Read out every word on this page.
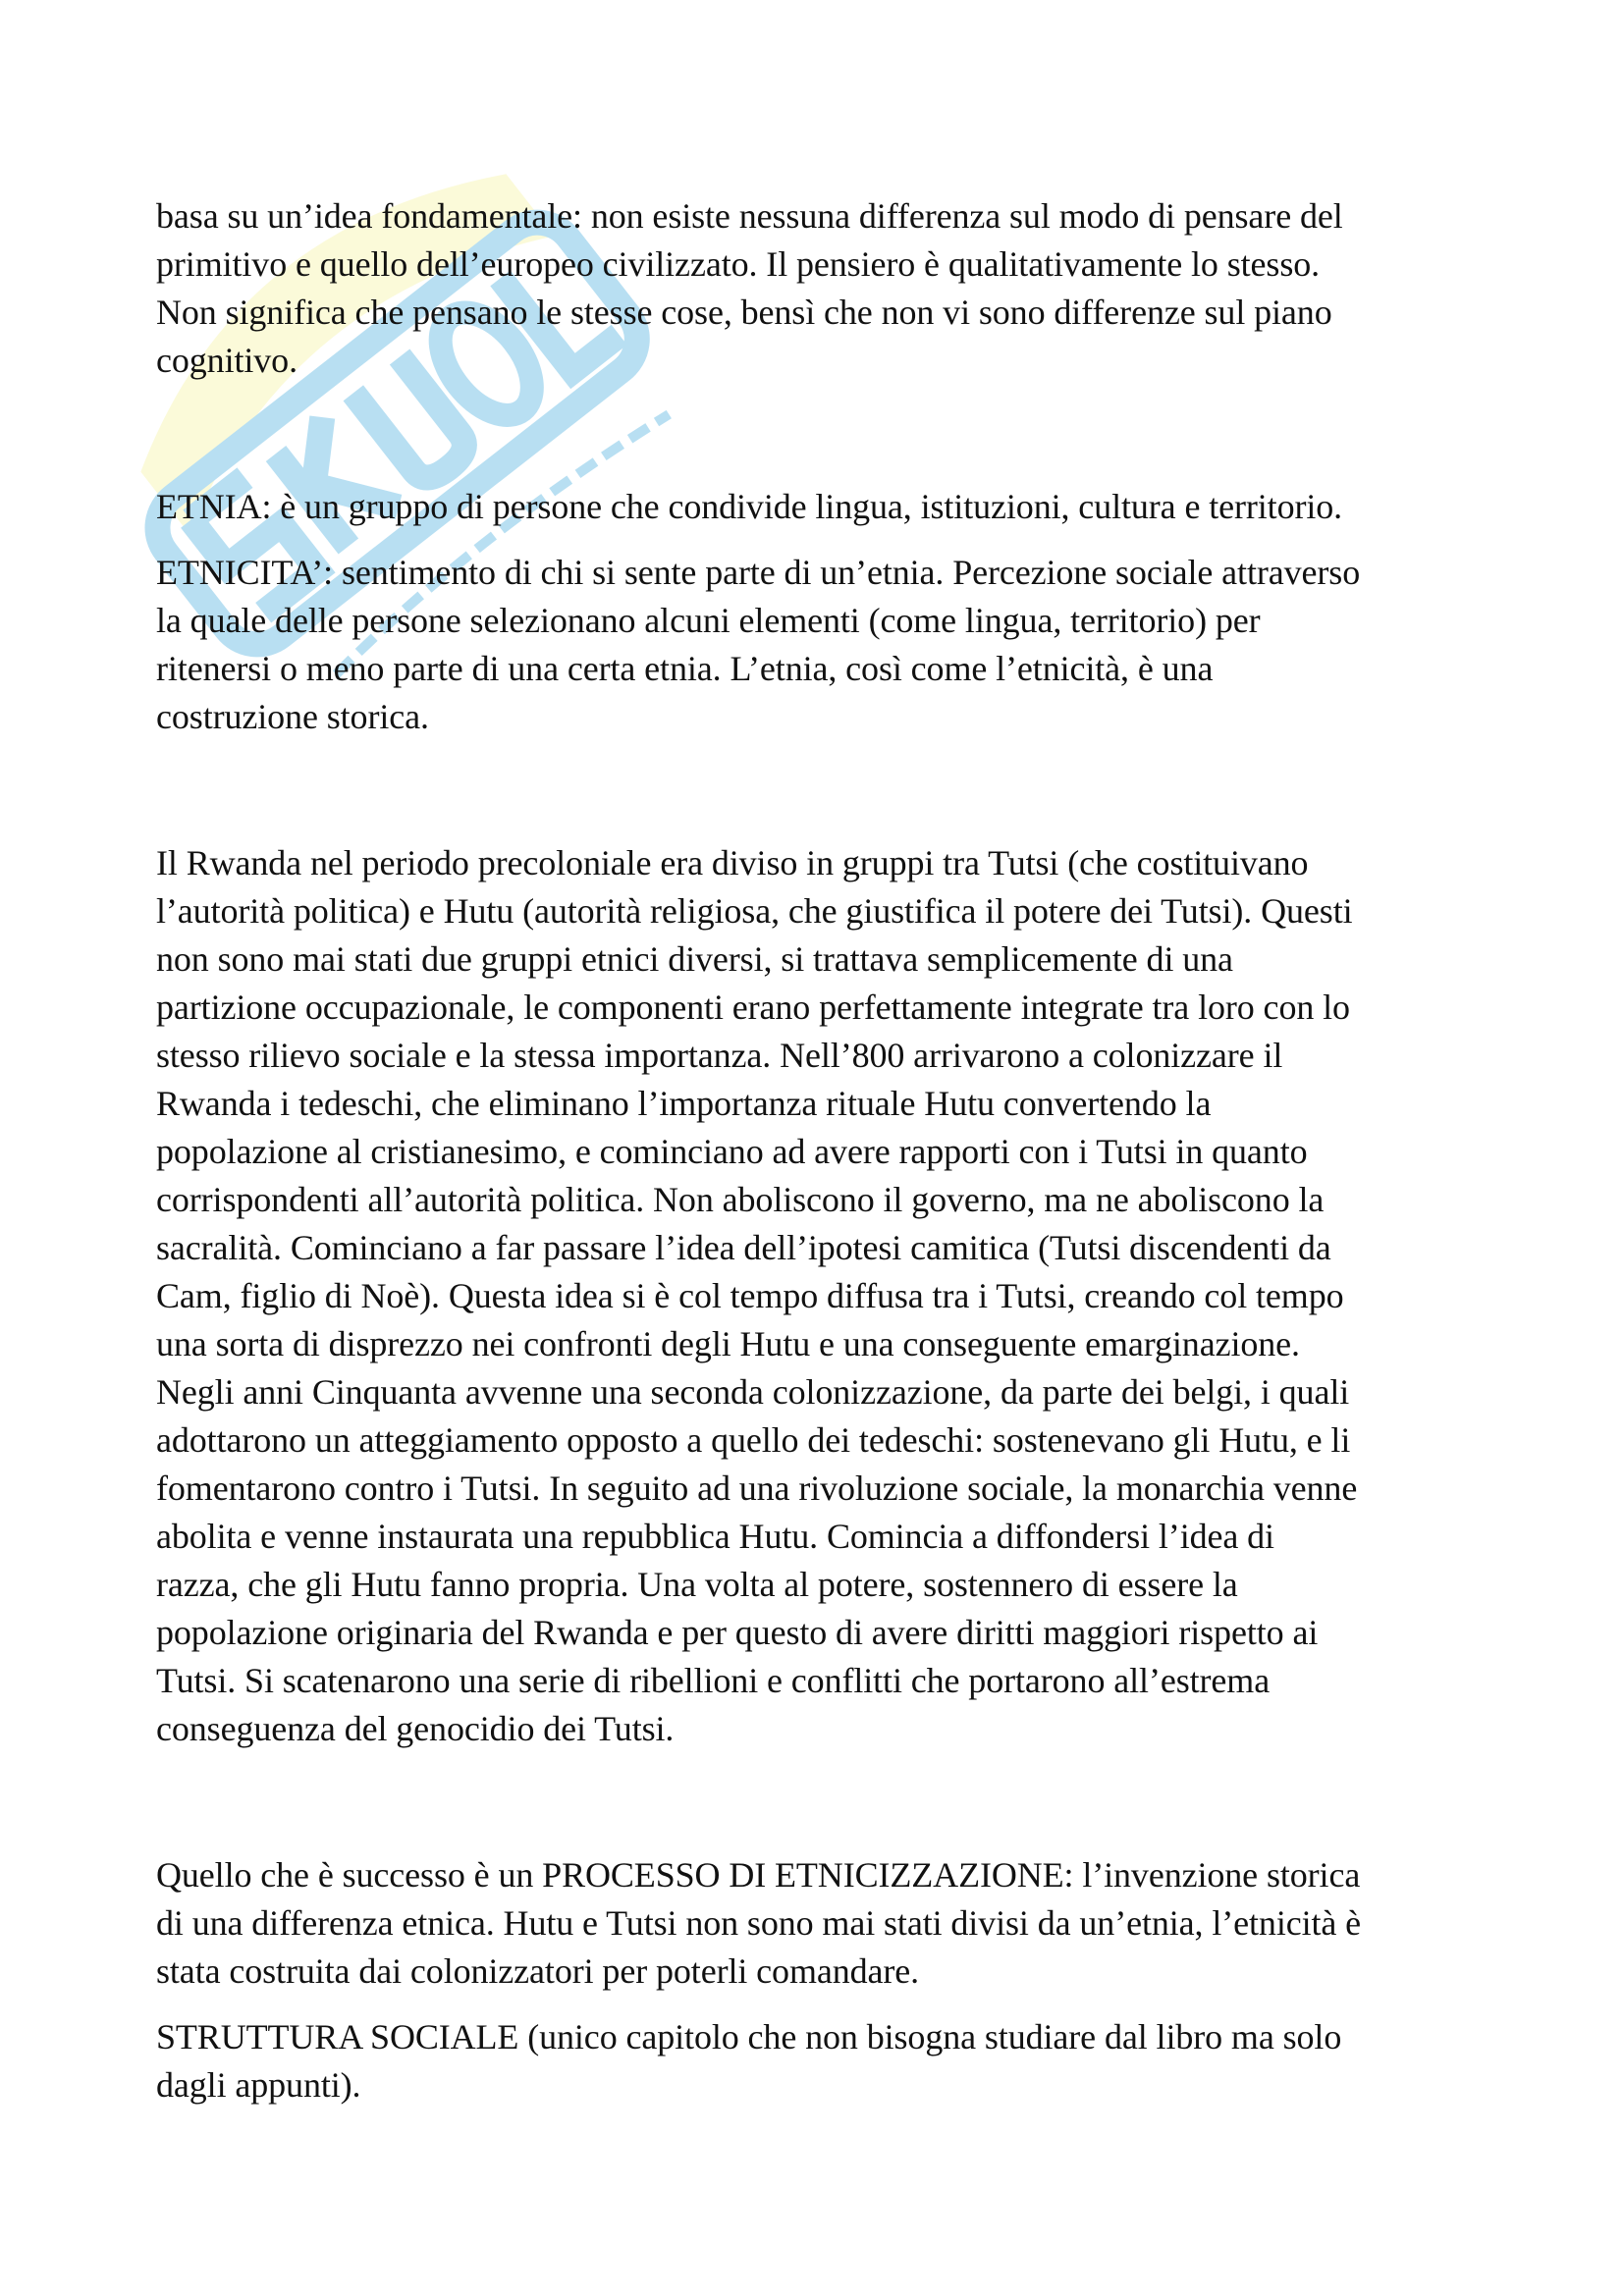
basa su un’idea fondamentale: non esiste nessuna differenza sul modo di pensare del
primitivo e quello dell’europeo civilizzato. Il pensiero è qualitativamente lo stesso.
Non significa che pensano le stesse cose, bensì che non vi sono differenze sul piano
cognitivo.

ETNIA: è un gruppo di persone che condivide lingua, istituzioni, cultura e territorio.

ETNICITA’: sentimento di chi si sente parte di un’etnia. Percezione sociale attraverso
la quale delle persone selezionano alcuni elementi (come lingua, territorio) per
ritenersi o meno parte di una certa etnia. L’etnia, così come l’etnicità, è una
costruzione storica.

Il Rwanda nel periodo precoloniale era diviso in gruppi tra Tutsi (che costituivano
l’autorità politica) e Hutu (autorità religiosa, che giustifica il potere dei Tutsi). Questi
non sono mai stati due gruppi etnici diversi, si trattava semplicemente di una
partizione occupazionale, le componenti erano perfettamente integrate tra loro con lo
stesso rilievo sociale e la stessa importanza. Nell’800 arrivarono a colonizzare il
Rwanda i tedeschi, che eliminano l’importanza rituale Hutu convertendo la
popolazione al cristianesimo, e cominciano ad avere rapporti con i Tutsi in quanto
corrispondenti all’autorità politica. Non aboliscono il governo, ma ne aboliscono la
sacralità. Cominciano a far passare l’idea dell’ipotesi camitica (Tutsi discendenti da
Cam, figlio di Noè). Questa idea si è col tempo diffusa tra i Tutsi, creando col tempo
una sorta di disprezzo nei confronti degli Hutu e una conseguente emarginazione.
Negli anni Cinquanta avvenne una seconda colonizzazione, da parte dei belgi, i quali
adottarono un atteggiamento opposto a quello dei tedeschi: sostenevano gli Hutu, e li
fomentarono contro i Tutsi. In seguito ad una rivoluzione sociale, la monarchia venne
abolita e venne instaurata una repubblica Hutu. Comincia a diffondersi l’idea di
razza, che gli Hutu fanno propria. Una volta al potere, sostennero di essere la
popolazione originaria del Rwanda e per questo di avere diritti maggiori rispetto ai
Tutsi. Si scatenarono una serie di ribellioni e conflitti che portarono all’estrema
conseguenza del genocidio dei Tutsi.

Quello che è successo è un PROCESSO DI ETNICIZZAZIONE: l’invenzione storica
di una differenza etnica. Hutu e Tutsi non sono mai stati divisi da un’etnia, l’etnicità è
stata costruita dai colonizzatori per poterli comandare.

STRUTTURA SOCIALE (unico capitolo che non bisogna studiare dal libro ma solo
dagli appunti).
